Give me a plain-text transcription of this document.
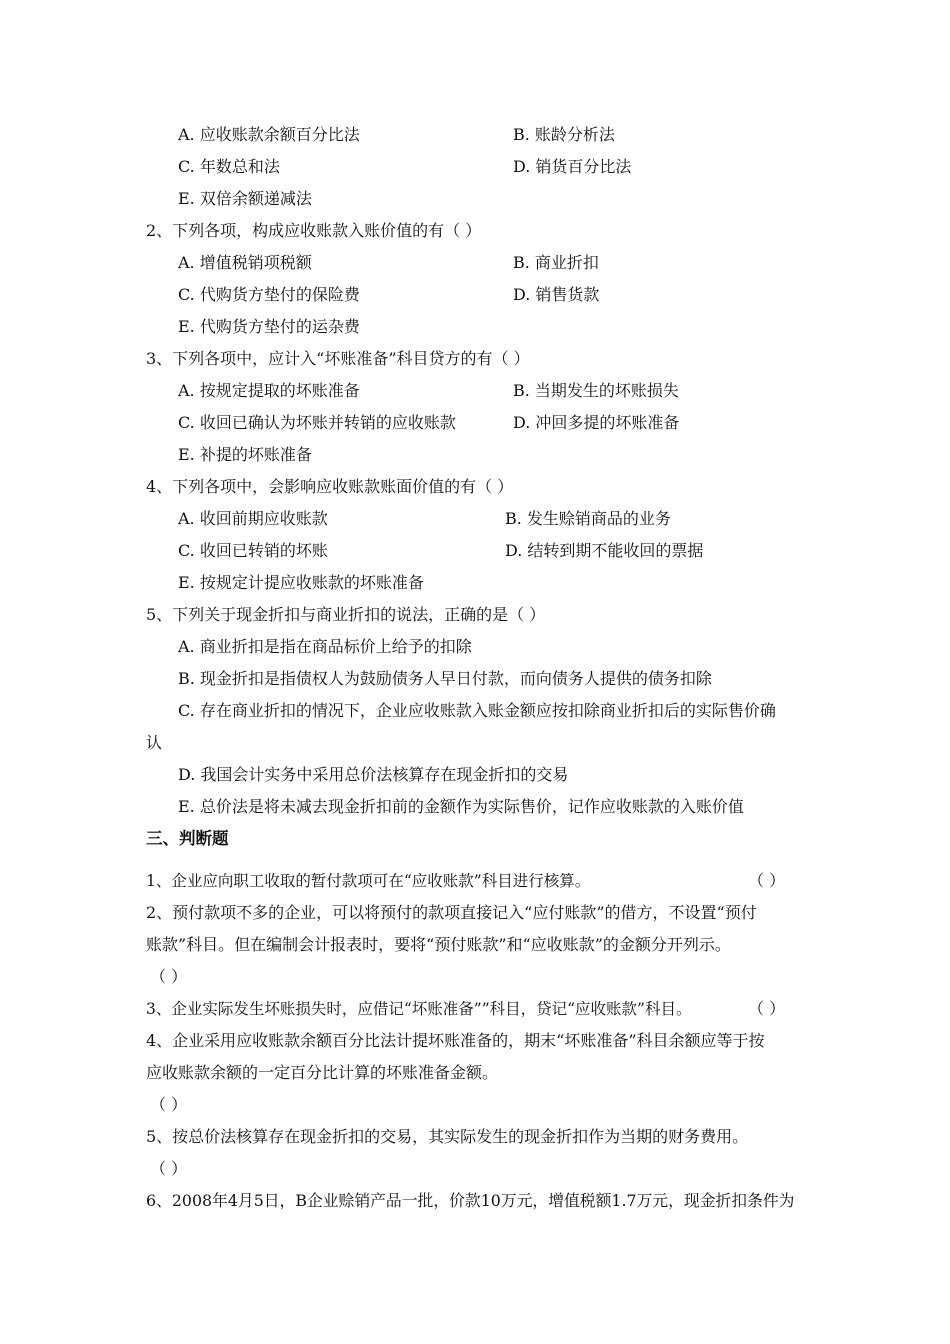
A. 应收账款余额百分比法	B. 账龄分析法
C. 年数总和法	D. 销货百分比法
E. 双倍余额递减法
2、下列各项，构成应收账款入账价值的有（ ）
A. 增值税销项税额	B. 商业折扣
C. 代购货方垫付的保险费	D. 销售货款
E. 代购货方垫付的运杂费
3、下列各项中，应计入“坏账准备”科目贷方的有（ ）
A. 按规定提取的坏账准备	B. 当期发生的坏账损失
C. 收回已确认为坏账并转销的应收账款	D. 冲回多提的坏账准备
E. 补提的坏账准备
4、下列各项中，会影响应收账款账面价值的有（ ）
A. 收回前期应收账款	B. 发生赊销商品的业务
C. 收回已转销的坏账	D. 结转到期不能收回的票据
E. 按规定计提应收账款的坏账准备
5、下列关于现金折扣与商业折扣的说法，正确的是（ ）
A. 商业折扣是指在商品标价上给予的扣除
B. 现金折扣是指债权人为鼓励债务人早日付款，而向债务人提供的债务扣除
C. 存在商业折扣的情况下，企业应收账款入账金额应按扣除商业折扣后的实际售价确
认
D. 我国会计实务中采用总价法核算存在现金折扣的交易
E. 总价法是将未减去现金折扣前的金额作为实际售价，记作应收账款的入账价值
三、判断题
1、企业应向职工收取的暂付款项可在“应收账款”科目进行核算。	（ ）
2、预付款项不多的企业，可以将预付的款项直接记入“应付账款”的借方，不设置“预付
账款”科目。但在编制会计报表时，要将“预付账款”和“应收账款”的金额分开列示。
（ ）
3、企业实际发生坏账损失时，应借记“坏账准备””科目，贷记“应收账款”科目。	（ ）
4、企业采用应收账款余额百分比法计提坏账准备的，期末“坏账准备”科目余额应等于按
应收账款余额的一定百分比计算的坏账准备金额。
（ ）
5、按总价法核算存在现金折扣的交易，其实际发生的现金折扣作为当期的财务费用。
（ ）
6、2008年4月5日，B企业赊销产品一批，价款10万元，增值税额1.7万元，现金折扣条件为
